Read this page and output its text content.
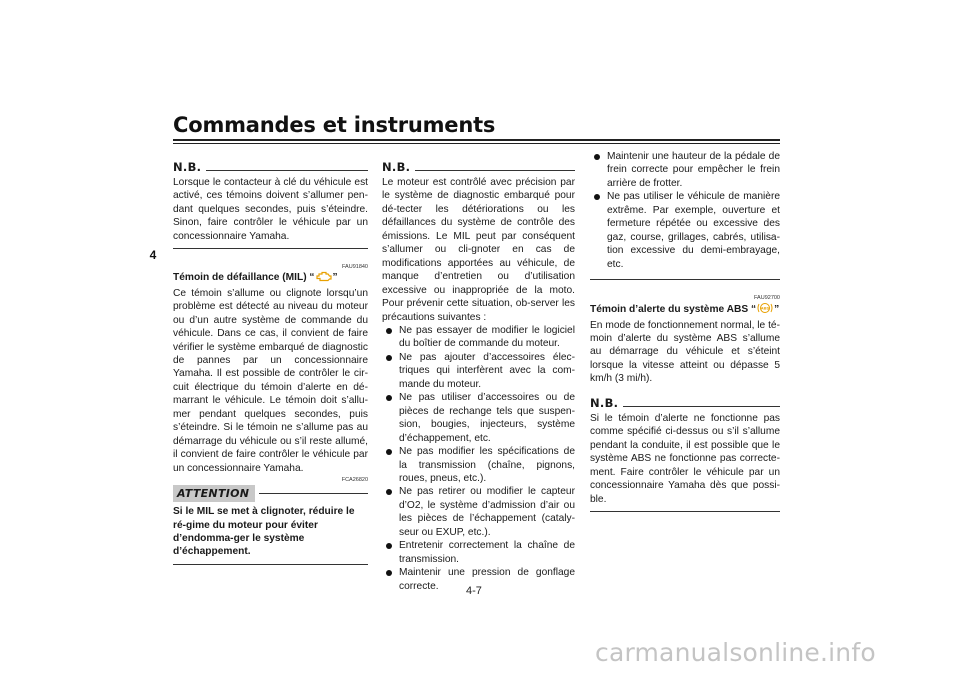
Commandes et instruments
4
N.B.

Lorsque le contacteur à clé du véhicule est activé, ces témoins doivent s’allumer pen-dant quelques secondes, puis s’éteindre. Sinon, faire contrôler le véhicule par un concessionnaire Yamaha.

FAU91840

Témoin de défaillance (MIL) “ ”

Ce témoin s’allume ou clignote lorsqu’un problème est détecté au niveau du moteur ou d’un autre système de commande du véhicule. Dans ce cas, il convient de faire vérifier le système embarqué de diagnostic de pannes par un concessionnaire Yamaha. Il est possible de contrôler le cir-cuit électrique du témoin d’alerte en dé-marrant le véhicule. Le témoin doit s’allu-mer pendant quelques secondes, puis s’éteindre. Si le témoin ne s’allume pas au démarrage du véhicule ou s’il reste allumé, il convient de faire contrôler le véhicule par un concessionnaire Yamaha.

FCA26820
ATTENTION

Si le MIL se met à clignoter, réduire le ré-gime du moteur pour éviter d’endomma-ger le système d’échappement.

N.B.

Le moteur est contrôlé avec précision par le système de diagnostic embarqué pour dé-tecter les détériorations ou les défaillances du système de contrôle des émissions. Le MIL peut par conséquent s’allumer ou cli-gnoter en cas de modifications apportées au véhicule, de manque d’entretien ou d’utilisation excessive ou inappropriée de la moto. Pour prévenir cette situation, ob-server les précautions suivantes :

Ne pas essayer de modifier le logiciel du boîtier de commande du moteur.
Ne pas ajouter d’accessoires élec-triques qui interfèrent avec la com-mande du moteur.
Ne pas utiliser d’accessoires ou de pièces de rechange tels que suspen-sion, bougies, injecteurs, système d’échappement, etc.
Ne pas modifier les spécifications de la transmission (chaîne, pignons, roues, pneus, etc.).
Ne pas retirer ou modifier le capteur d’O2, le système d’admission d’air ou les pièces de l’échappement (cataly-seur ou EXUP, etc.).
Entretenir correctement la chaîne de transmission.
Maintenir une pression de gonflage correcte.
Maintenir une hauteur de la pédale de frein correcte pour empêcher le frein arrière de frotter.
Ne pas utiliser le véhicule de manière extrême. Par exemple, ouverture et fermeture répétée ou excessive des gaz, course, grillages, cabrés, utilisa-tion excessive du demi-embrayage, etc.
FAU92700

Témoin d’alerte du système ABS “ ABS ”

En mode de fonctionnement normal, le té-moin d’alerte du système ABS s’allume au démarrage du véhicule et s’éteint lorsque la vitesse atteint ou dépasse 5 km/h (3 mi/h).

N.B.

Si le témoin d’alerte ne fonctionne pas comme spécifié ci-dessus ou s’il s’allume pendant la conduite, il est possible que le système ABS ne fonctionne pas correcte-ment. Faire contrôler le véhicule par un concessionnaire Yamaha dès que possi-ble.

4-7
carmanualsonline.info
